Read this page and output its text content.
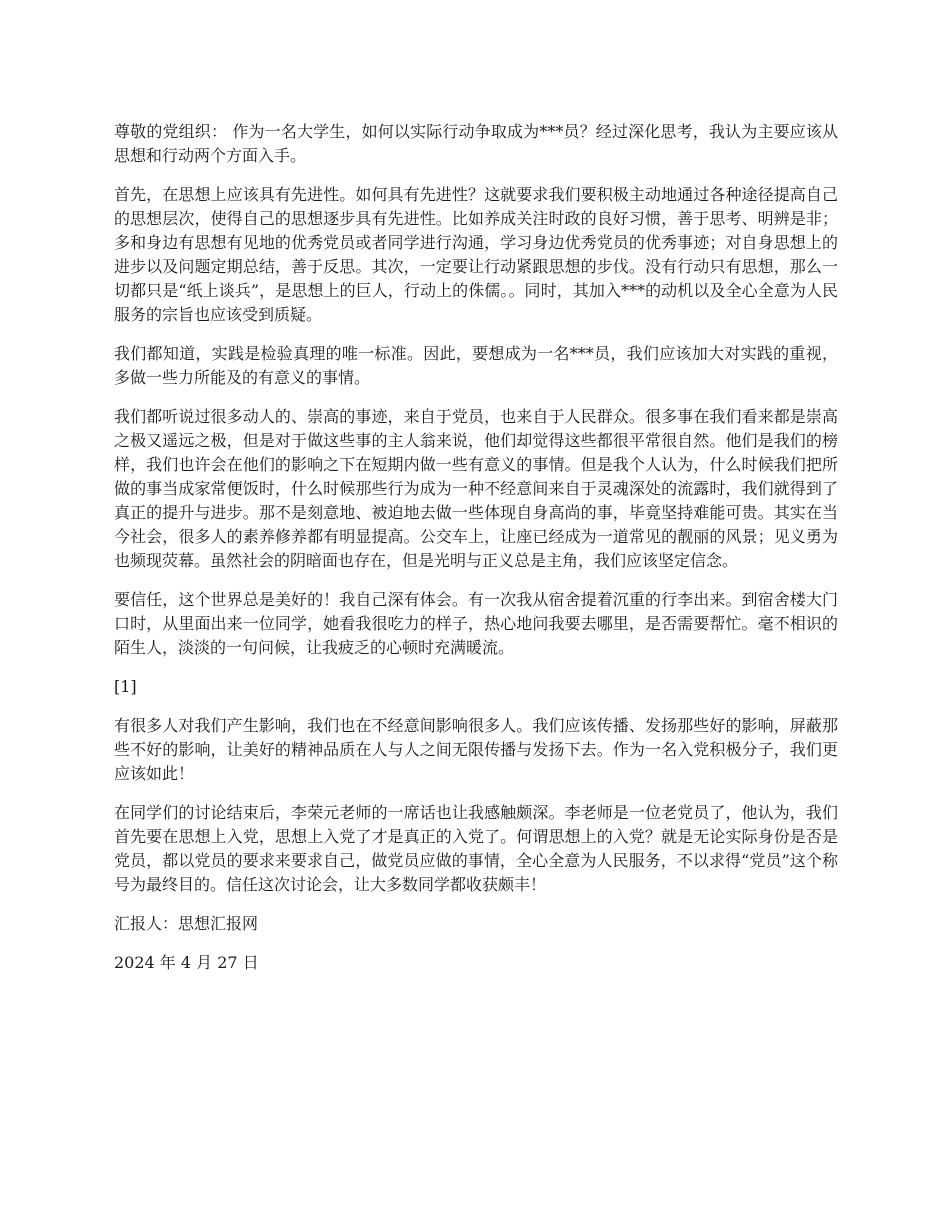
尊敬的党组织： 作为一名大学生，如何以实际行动争取成为***员？经过深化思考，我认为主要应该从思想和行动两个方面入手。

首先，在思想上应该具有先进性。如何具有先进性？这就要求我们要积极主动地通过各种途径提高自己的思想层次，使得自己的思想逐步具有先进性。比如养成关注时政的良好习惯，善于思考、明辨是非；多和身边有思想有见地的优秀党员或者同学进行沟通，学习身边优秀党员的优秀事迹；对自身思想上的进步以及问题定期总结，善于反思。其次，一定要让行动紧跟思想的步伐。没有行动只有思想，那么一切都只是“纸上谈兵”，是思想上的巨人，行动上的侏儒。。同时，其加入***的动机以及全心全意为人民服务的宗旨也应该受到质疑。

我们都知道，实践是检验真理的唯一标准。因此，要想成为一名***员，我们应该加大对实践的重视，多做一些力所能及的有意义的事情。

我们都听说过很多动人的、崇高的事迹，来自于党员，也来自于人民群众。很多事在我们看来都是崇高之极又遥远之极，但是对于做这些事的主人翁来说，他们却觉得这些都很平常很自然。他们是我们的榜样，我们也许会在他们的影响之下在短期内做一些有意义的事情。但是我个人认为，什么时候我们把所做的事当成家常便饭时，什么时候那些行为成为一种不经意间来自于灵魂深处的流露时，我们就得到了真正的提升与进步。那不是刻意地、被迫地去做一些体现自身高尚的事，毕竟坚持难能可贵。其实在当今社会，很多人的素养修养都有明显提高。公交车上，让座已经成为一道常见的靓丽的风景；见义勇为也频现荧幕。虽然社会的阴暗面也存在，但是光明与正义总是主角，我们应该坚定信念。

要信任，这个世界总是美好的！我自己深有体会。有一次我从宿舍提着沉重的行李出来。到宿舍楼大门口时，从里面出来一位同学，她看我很吃力的样子，热心地问我要去哪里，是否需要帮忙。毫不相识的陌生人，淡淡的一句问候，让我疲乏的心顿时充满暖流。

[1]

有很多人对我们产生影响，我们也在不经意间影响很多人。我们应该传播、发扬那些好的影响，屏蔽那些不好的影响，让美好的精神品质在人与人之间无限传播与发扬下去。作为一名入党积极分子，我们更应该如此！

在同学们的讨论结束后，李荣元老师的一席话也让我感触颇深。李老师是一位老党员了，他认为，我们首先要在思想上入党，思想上入党了才是真正的入党了。何谓思想上的入党？就是无论实际身份是否是党员，都以党员的要求来要求自己，做党员应做的事情，全心全意为人民服务，不以求得“党员”这个称号为最终目的。信任这次讨论会，让大多数同学都收获颇丰！

汇报人：思想汇报网

2024 年 4 月 27 日
